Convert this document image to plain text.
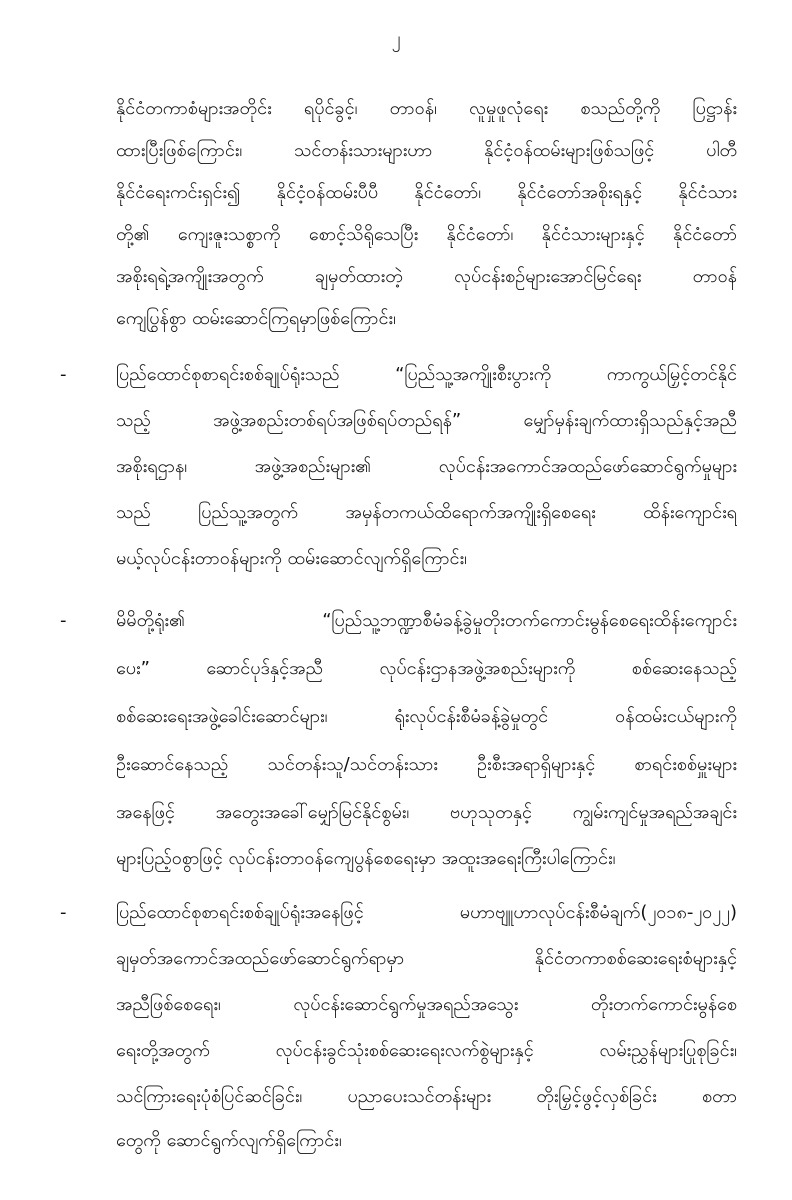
၂
နိုင်ငံတကာစံများအတိုင်း ရပိုင်ခွင့်၊ တာဝန်၊ လူမှုဖူလုံရေး စသည်တို့ကို ပြဋ္ဌာန်း
ထားပြီးဖြစ်ကြောင်း၊ သင်တန်းသားများဟာ နိုင်ငံ့ဝန်ထမ်းများဖြစ်သဖြင့် ပါတီ
နိုင်ငံရေးကင်းရှင်း၍ နိုင်ငံ့ဝန်ထမ်းပီပီ နိုင်ငံတော်၊ နိုင်ငံတော်အစိုးရနှင့် နိုင်ငံသား
တို့၏ ကျေးဇူးသစ္စာကို စောင့်သိရိုသေပြီး နိုင်ငံတော်၊ နိုင်ငံသားများနှင့် နိုင်ငံတော်
အစိုးရရဲ့အကျိုးအတွက် ချမှတ်ထားတဲ့ လုပ်ငန်းစဉ်များအောင်မြင်ရေး တာဝန်
ကျေပြွန်စွာ ထမ်းဆောင်ကြရမှာဖြစ်ကြောင်း၊
-	ပြည်ထောင်စုစာရင်းစစ်ချုပ်ရုံးသည် “ပြည်သူ့အကျိုးစီးပွားကို ကာကွယ်မြှင့်တင်နိုင်
သည့် အဖွဲ့အစည်းတစ်ရပ်အဖြစ်ရပ်တည်ရန်” မျှော်မှန်းချက်ထားရှိသည်နှင့်အညီ
အစိုးရဌာန၊ အဖွဲ့အစည်းများ၏ လုပ်ငန်းအကောင်အထည်ဖော်ဆောင်ရွက်မှုများ
သည် ပြည်သူ့အတွက် အမှန်တကယ်ထိရောက်အကျိုးရှိစေရေး ထိန်းကျောင်းရ
မယ့်လုပ်ငန်းတာဝန်များကို ထမ်းဆောင်လျက်ရှိကြောင်း၊
-	မိမိတို့ရုံး၏ “ပြည်သူ့ဘဏ္ဍာစီမံခန့်ခွဲမှုတိုးတက်ကောင်းမွန်စေရေးထိန်းကျောင်း
ပေး” ဆောင်ပုဒ်နှင့်အညီ လုပ်ငန်းဌာနအဖွဲ့အစည်းများကို စစ်ဆေးနေသည့်
စစ်ဆေးရေးအဖွဲ့ခေါင်းဆောင်များ၊ ရုံးလုပ်ငန်းစီမံခန့်ခွဲမှုတွင် ဝန်ထမ်းငယ်များကို
ဦးဆောင်နေသည့် သင်တန်းသူ/သင်တန်းသား ဦးစီးအရာရှိများနှင့် စာရင်းစစ်မှူးများ
အနေဖြင့် အတွေးအခေါ်မျှော်မြင်နိုင်စွမ်း၊ ဗဟုသုတနှင့် ကျွမ်းကျင်မှုအရည်အချင်း
များပြည့်ဝစွာဖြင့် လုပ်ငန်းတာဝန်ကျေပွန်စေရေးမှာ အထူးအရေးကြီးပါကြောင်း၊
-	ပြည်ထောင်စုစာရင်းစစ်ချုပ်ရုံးအနေဖြင့် မဟာဗျူဟာလုပ်ငန်းစီမံချက်(၂၀၁၈-၂၀၂၂)
ချမှတ်အကောင်အထည်ဖော်ဆောင်ရွက်ရာမှာ နိုင်ငံတကာစစ်ဆေးရေးစံများနှင့်
အညီဖြစ်စေရေး၊ လုပ်ငန်းဆောင်ရွက်မှုအရည်အသွေး တိုးတက်ကောင်းမွန်စေ
ရေးတို့အတွက် လုပ်ငန်းခွင်သုံးစစ်ဆေးရေးလက်စွဲများနှင့် လမ်းညွှန်များပြုစုခြင်း၊
သင်ကြားရေးပုံစံပြင်ဆင်ခြင်း၊ ပညာပေးသင်တန်းများ တိုးမြှင့်ဖွင့်လှစ်ခြင်း စတာ
တွေကို ဆောင်ရွက်လျက်ရှိကြောင်း၊
